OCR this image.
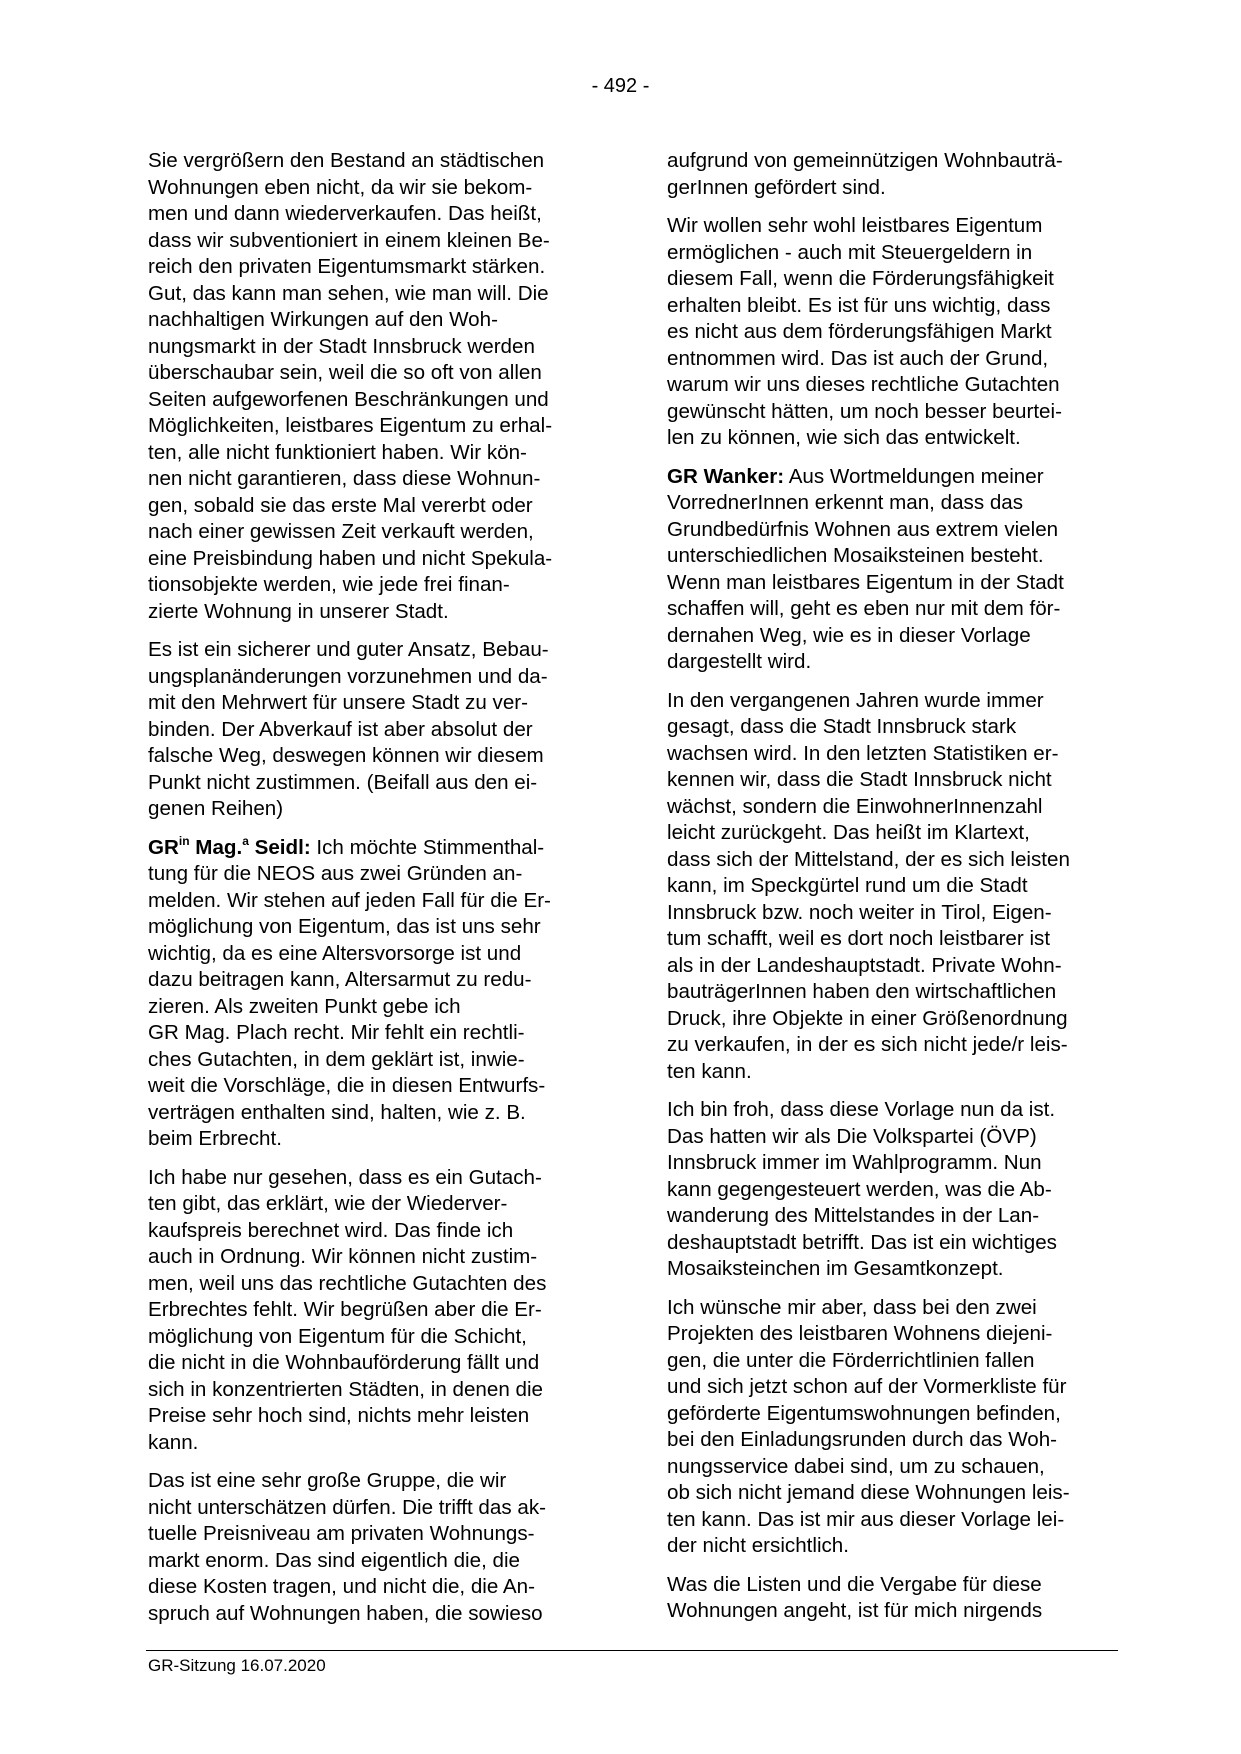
- 492 -

Sie vergrößern den Bestand an städtischen
Wohnungen eben nicht, da wir sie bekom-
men und dann wiederverkaufen. Das heißt,
dass wir subventioniert in einem kleinen Be-
reich den privaten Eigentumsmarkt stärken.
Gut, das kann man sehen, wie man will. Die
nachhaltigen Wirkungen auf den Woh-
nungsmarkt in der Stadt Innsbruck werden
überschaubar sein, weil die so oft von allen
Seiten aufgeworfenen Beschränkungen und
Möglichkeiten, leistbares Eigentum zu erhal-
ten, alle nicht funktioniert haben. Wir kön-
nen nicht garantieren, dass diese Wohnun-
gen, sobald sie das erste Mal vererbt oder
nach einer gewissen Zeit verkauft werden,
eine Preisbindung haben und nicht Spekula-
tionsobjekte werden, wie jede frei finan-
zierte Wohnung in unserer Stadt.

Es ist ein sicherer und guter Ansatz, Bebau-
ungsplanänderungen vorzunehmen und da-
mit den Mehrwert für unsere Stadt zu ver-
binden. Der Abverkauf ist aber absolut der
falsche Weg, deswegen können wir diesem
Punkt nicht zustimmen. (Beifall aus den ei-
genen Reihen)

$GR^{in}$ Mag.$^a$ Seidl: Ich möchte Stimmenthal-
tung für die NEOS aus zwei Gründen an-
melden. Wir stehen auf jeden Fall für die Er-
möglichung von Eigentum, das ist uns sehr
wichtig, da es eine Altersvorsorge ist und
dazu beitragen kann, Altersarmut zu redu-
zieren. Als zweiten Punkt gebe ich
GR Mag. Plach recht. Mir fehlt ein rechtli-
ches Gutachten, in dem geklärt ist, inwie-
weit die Vorschläge, die in diesen Entwurfs-
verträgen enthalten sind, halten, wie z. B.
beim Erbrecht.

Ich habe nur gesehen, dass es ein Gutach-
ten gibt, das erklärt, wie der Wiederver-
kaufspreis berechnet wird. Das finde ich
auch in Ordnung. Wir können nicht zustim-
men, weil uns das rechtliche Gutachten des
Erbrechtes fehlt. Wir begrüßen aber die Er-
möglichung von Eigentum für die Schicht,
die nicht in die Wohnbauförderung fällt und
sich in konzentrierten Städten, in denen die
Preise sehr hoch sind, nichts mehr leisten
kann.

Das ist eine sehr große Gruppe, die wir
nicht unterschätzen dürfen. Die trifft das ak-
tuelle Preisniveau am privaten Wohnungs-
markt enorm. Das sind eigentlich die, die
diese Kosten tragen, und nicht die, die An-
spruch auf Wohnungen haben, die sowieso

aufgrund von gemeinnützigen Wohnbauträ-
gerInnen gefördert sind.

Wir wollen sehr wohl leistbares Eigentum
ermöglichen - auch mit Steuergeldern in
diesem Fall, wenn die Förderungsfähigkeit
erhalten bleibt. Es ist für uns wichtig, dass
es nicht aus dem förderungsfähigen Markt
entnommen wird. Das ist auch der Grund,
warum wir uns dieses rechtliche Gutachten
gewünscht hätten, um noch besser beurtei-
len zu können, wie sich das entwickelt.

GR Wanker: Aus Wortmeldungen meiner
VorrednerInnen erkennt man, dass das
Grundbedürfnis Wohnen aus extrem vielen
unterschiedlichen Mosaiksteinen besteht.
Wenn man leistbares Eigentum in der Stadt
schaffen will, geht es eben nur mit dem för-
dernahen Weg, wie es in dieser Vorlage
dargestellt wird.

In den vergangenen Jahren wurde immer
gesagt, dass die Stadt Innsbruck stark
wachsen wird. In den letzten Statistiken er-
kennen wir, dass die Stadt Innsbruck nicht
wächst, sondern die EinwohnerInnenzahl
leicht zurückgeht. Das heißt im Klartext,
dass sich der Mittelstand, der es sich leisten
kann, im Speckgürtel rund um die Stadt
Innsbruck bzw. noch weiter in Tirol, Eigen-
tum schafft, weil es dort noch leistbarer ist
als in der Landeshauptstadt. Private Wohn-
bauträgerInnen haben den wirtschaftlichen
Druck, ihre Objekte in einer Größenordnung
zu verkaufen, in der es sich nicht jede/r leis-
ten kann.

Ich bin froh, dass diese Vorlage nun da ist.
Das hatten wir als Die Volkspartei (ÖVP)
Innsbruck immer im Wahlprogramm. Nun
kann gegengesteuert werden, was die Ab-
wanderung des Mittelstandes in der Lan-
deshauptstadt betrifft. Das ist ein wichtiges
Mosaiksteinchen im Gesamtkonzept.

Ich wünsche mir aber, dass bei den zwei
Projekten des leistbaren Wohnens diejeni-
gen, die unter die Förderrichtlinien fallen
und sich jetzt schon auf der Vormerkliste für
geförderte Eigentumswohnungen befinden,
bei den Einladungsrunden durch das Woh-
nungsservice dabei sind, um zu schauen,
ob sich nicht jemand diese Wohnungen leis-
ten kann. Das ist mir aus dieser Vorlage lei-
der nicht ersichtlich.

Was die Listen und die Vergabe für diese
Wohnungen angeht, ist für mich nirgends

GR-Sitzung 16.07.2020
